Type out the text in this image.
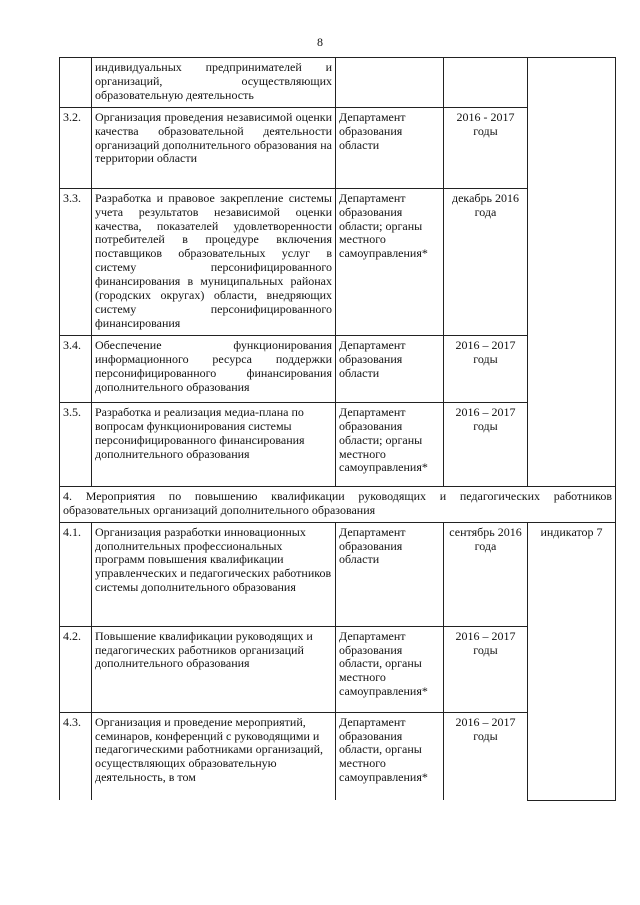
8
	индивидуальных предпринимателей и организаций, осуществляющих образовательную деятельность			
3.2.	Организация проведения независимой оценки качества образовательной деятельности организаций дополнительного образования на территории области	Департамент образования области	2016 - 2017 годы	
3.3.	Разработка и правовое закрепление системы учета результатов независимой оценки качества, показателей удовлетворенности потребителей в процедуре включения поставщиков образовательных услуг в систему персонифицированного финансирования в муниципальных районах (городских округах) области, внедряющих систему персонифицированного финансирования	Департамент образования области; органы местного самоуправления*	декабрь 2016 года	
3.4.	Обеспечение функционирования информационного ресурса поддержки персонифицированного финансирования дополнительного образования	Департамент образования области	2016 – 2017 годы	
3.5.	Разработка и реализация медиа-плана по вопросам функционирования системы персонифицированного финансирования дополнительного образования	Департамент образования области; органы местного самоуправления*	2016 – 2017 годы	
4. Мероприятия по повышению квалификации руководящих и педагогических работников образовательных организаций дополнительного образования				
4.1.	Организация разработки инновационных дополнительных профессиональных программ повышения квалификации управленческих и педагогических работников системы дополнительного образования	Департамент образования области	сентябрь 2016 года	индикатор 7
4.2.	Повышение квалификации руководящих и педагогических работников организаций дополнительного образования	Департамент образования области, органы местного самоуправления*	2016 – 2017 годы	
4.3.	Организация и проведение мероприятий, семинаров, конференций с руководящими и педагогическими работниками организаций, осуществляющих образовательную деятельность, в том	Департамент образования области, органы местного самоуправления*	2016 – 2017 годы	
